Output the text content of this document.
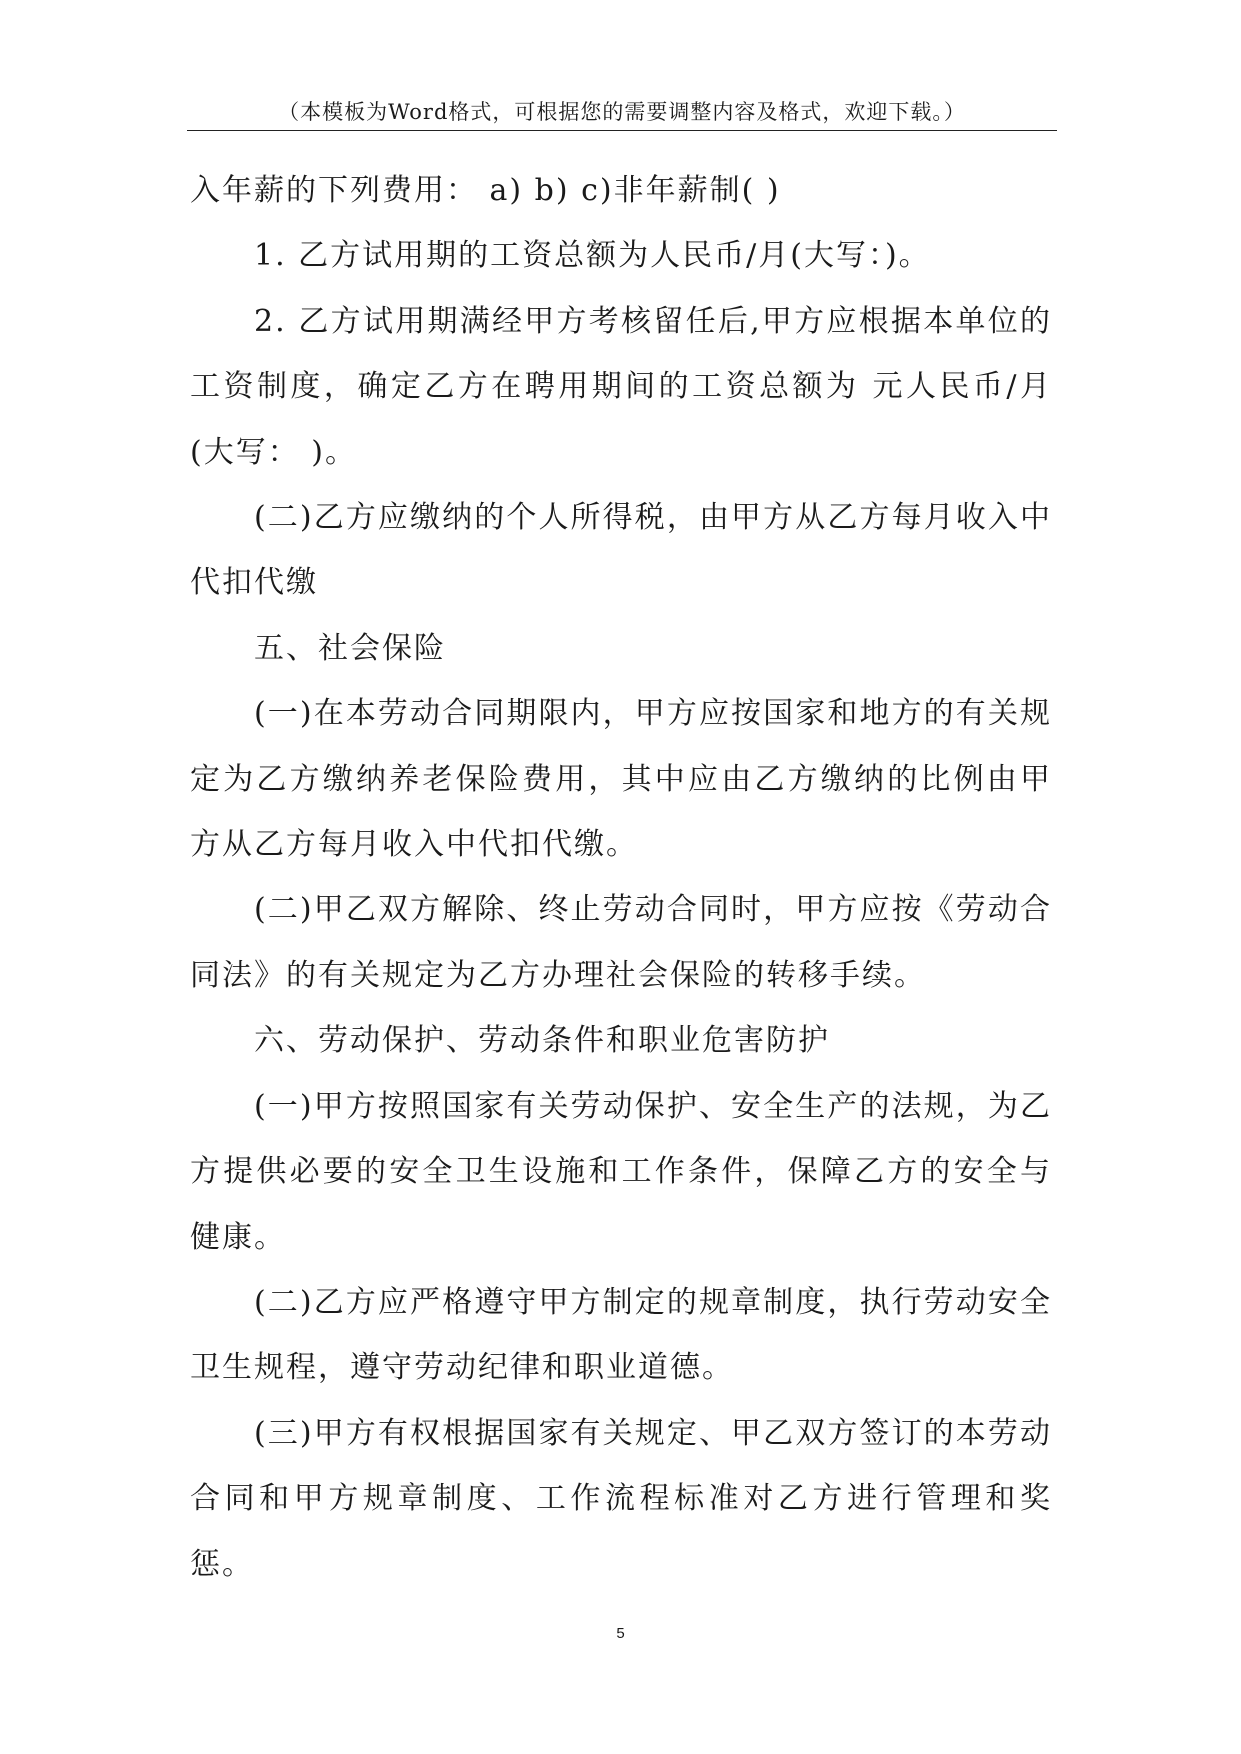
（本模板为Word格式，可根据您的需要调整内容及格式，欢迎下载。）

入年薪的下列费用： a) b) c)非年薪制( )

1. 乙方试用期的工资总额为人民币/月(大写：)。

2. 乙方试用期满经甲方考核留任后,甲方应根据本单位的工资制度，确定乙方在聘用期间的工资总额为 元人民币/月(大写： )。

(二)乙方应缴纳的个人所得税，由甲方从乙方每月收入中代扣代缴

五、社会保险

(一)在本劳动合同期限内，甲方应按国家和地方的有关规定为乙方缴纳养老保险费用，其中应由乙方缴纳的比例由甲方从乙方每月收入中代扣代缴。

(二)甲乙双方解除、终止劳动合同时，甲方应按《劳动合同法》的有关规定为乙方办理社会保险的转移手续。

六、劳动保护、劳动条件和职业危害防护

(一)甲方按照国家有关劳动保护、安全生产的法规，为乙方提供必要的安全卫生设施和工作条件，保障乙方的安全与健康。

(二)乙方应严格遵守甲方制定的规章制度，执行劳动安全卫生规程，遵守劳动纪律和职业道德。

(三)甲方有权根据国家有关规定、甲乙双方签订的本劳动合同和甲方规章制度、工作流程标准对乙方进行管理和奖惩。

5
